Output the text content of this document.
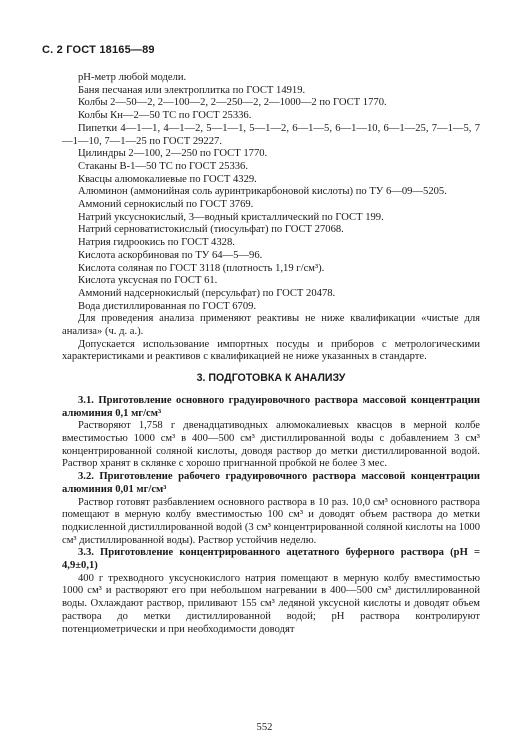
С. 2 ГОСТ 18165—89

рН-метр любой модели.

Баня песчаная или электроплитка по ГОСТ 14919.

Колбы 2—50—2, 2—100—2, 2—250—2, 2—1000—2 по ГОСТ 1770.

Колбы Кн—2—50 ТС по ГОСТ 25336.

Пипетки 4—1—1, 4—1—2, 5—1—1, 5—1—2, 6—1—5, 6—1—10, 6—1—25, 7—1—5, 7—1—10, 7—1—25 по ГОСТ 29227.

Цилиндры 2—100, 2—250 по ГОСТ 1770.

Стаканы В-1—50 ТС по ГОСТ 25336.

Квасцы алюмокалиевые по ГОСТ 4329.

Алюминон (аммонийная соль ауринтрикарбоновой кислоты) по ТУ 6—09—5205.

Аммоний сернокислый по ГОСТ 3769.

Натрий уксуснокислый, 3—водный кристаллический по ГОСТ 199.

Натрий серноватистокислый (тиосульфат) по ГОСТ 27068.

Натрия гидроокись по ГОСТ 4328.

Кислота аскорбиновая по ТУ 64—5—96.

Кислота соляная по ГОСТ 3118 (плотность 1,19 г/см³).

Кислота уксусная по ГОСТ 61.

Аммоний надсернокислый (персульфат) по ГОСТ 20478.

Вода дистиллированная по ГОСТ 6709.

Для проведения анализа применяют реактивы не ниже квалификации «чистые для анализа» (ч. д. а.).

Допускается использование импортных посуды и приборов с метрологическими характеристиками и реактивов с квалификацией не ниже указанных в стандарте.

3. ПОДГОТОВКА К АНАЛИЗУ

3.1. Приготовление основного градуировочного раствора массовой концентрации алюминия 0,1 мг/см³

Растворяют 1,758 г двенадцативодных алюмокалиевых квасцов в мерной колбе вместимостью 1000 см³ в 400—500 см³ дистиллированной воды с добавлением 3 см³ концентрированной соляной кислоты, доводя раствор до метки дистиллированной водой. Раствор хранят в склянке с хорошо пригнанной пробкой не более 3 мес.

3.2. Приготовление рабочего градуировочного раствора массовой концентрации алюминия 0,01 мг/см³

Раствор готовят разбавлением основного раствора в 10 раз. 10,0 см³ основного раствора помещают в мерную колбу вместимостью 100 см³ и доводят объем раствора до метки подкисленной дистиллированной водой (3 см³ концентрированной соляной кислоты на 1000 см³ дистиллированной воды). Раствор устойчив неделю.

3.3. Приготовление концентрированного ацетатного буферного раствора (рН = 4,9±0,1)

400 г трехводного уксуснокислого натрия помещают в мерную колбу вместимостью 1000 см³ и растворяют его при небольшом нагревании в 400—500 см³ дистиллированной воды. Охлаждают раствор, приливают 155 см³ ледяной уксусной кислоты и доводят объем раствора до метки дистиллированной водой; рН раствора контролируют потенциометрически и при необходимости доводят

552
